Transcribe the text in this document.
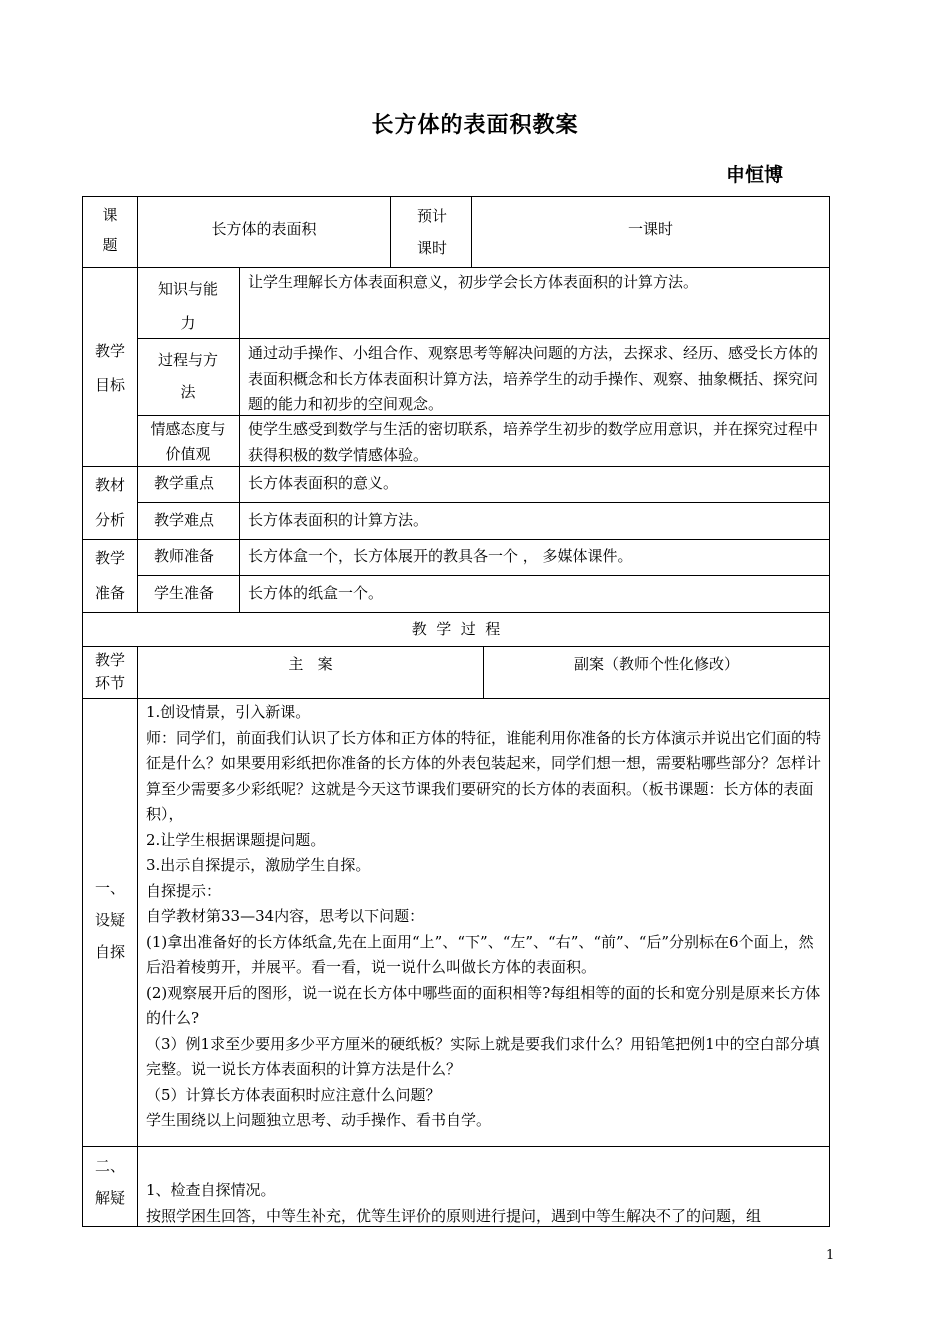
长方体的表面积教案
申恒博
课题
长方体的表面积
预计课时
一课时
教学目标
知识与能力
让学生理解长方体表面积意义，初步学会长方体表面积的计算方法。
过程与方法
通过动手操作、小组合作、观察思考等解决问题的方法，去探求、经历、感受长方体的表面积概念和长方体表面积计算方法，培养学生的动手操作、观察、抽象概括、探究问题的能力和初步的空间观念。
情感态度与价值观
使学生感受到数学与生活的密切联系，培养学生初步的数学应用意识，并在探究过程中获得积极的数学情感体验。
教材分析
教学重点 长方体表面积的意义。
教学难点 长方体表面积的计算方法。
教学准备
教师准备 长方体盒一个，长方体展开的教具各一个 ， 多媒体课件。
学生准备 长方体的纸盒一个。
教  学  过  程
教学环节
主   案	副案（教师个性化修改）
一、设疑自探
1.创设情景，引入新课。
师：同学们，前面我们认识了长方体和正方体的特征，谁能利用你准备的长方体演示并说出它们面的特征是什么？如果要用彩纸把你准备的长方体的外表包装起来，同学们想一想，需要粘哪些部分？怎样计算至少需要多少彩纸呢？这就是今天这节课我们要研究的长方体的表面积。（板书课题：长方体的表面积），
2.让学生根据课题提问题。
3.出示自探提示，激励学生自探。
自探提示：
自学教材第33—34内容，思考以下问题：
(1)拿出准备好的长方体纸盒,先在上面用“上”、“下”、“左”、“右”、“前”、“后”分别标在6个面上，然后沿着棱剪开，并展平。看一看，说一说什么叫做长方体的表面积。
(2)观察展开后的图形，说一说在长方体中哪些面的面积相等?每组相等的面的长和宽分别是原来长方体的什么?
（3）例1求至少要用多少平方厘米的硬纸板？实际上就是要我们求什么？用铅笔把例1中的空白部分填完整。说一说长方体表面积的计算方法是什么？
（5）计算长方体表面积时应注意什么问题？
学生围绕以上问题独立思考、动手操作、看书自学。
二、解疑 1、检查自探情况。
按照学困生回答，中等生补充，优等生评价的原则进行提问，遇到中等生解决不了的问题，组
1
